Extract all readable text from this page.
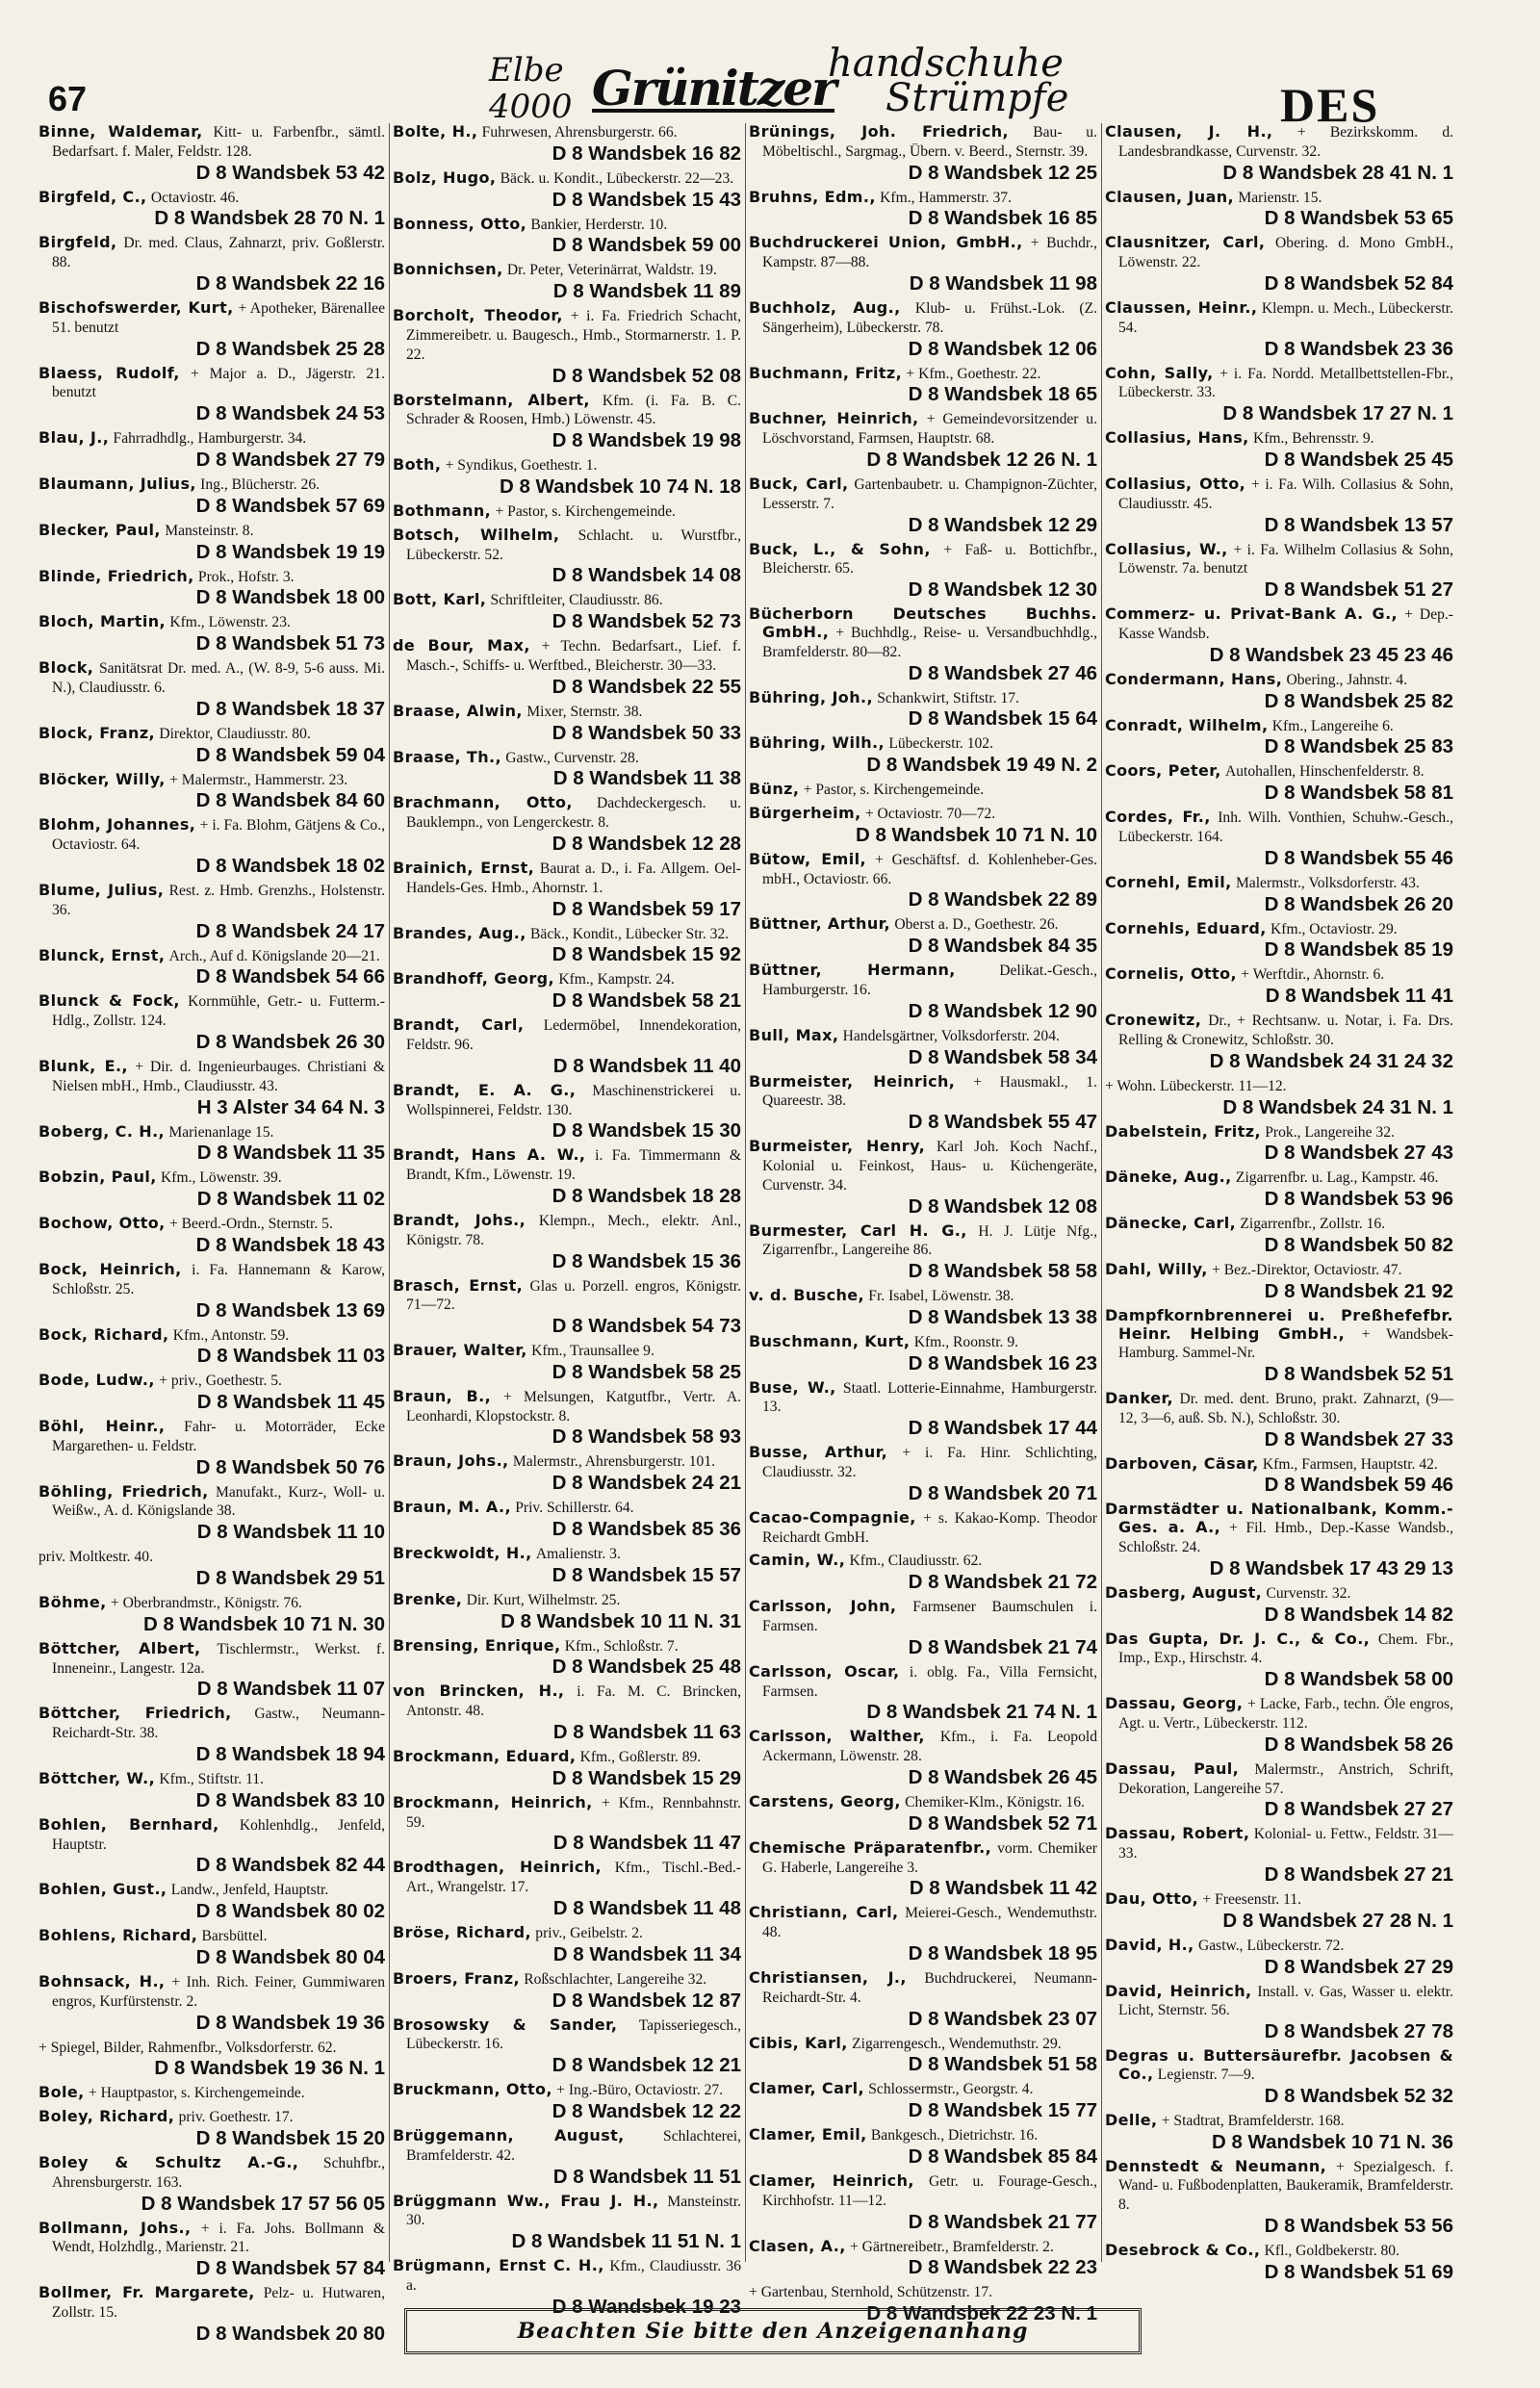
67
Elbe
4000 Grünitzer
handschuhe
Strümpfe	DES
Binne, Waldemar, Kitt- u. Farbenfbr., sämtl. Bedarfsart. f. Maler, Feldstr. 128.
D 8 Wandsbek 53 42
Birgfeld, C., Octaviostr. 46.
D 8 Wandsbek 28 70 N. 1
Birgfeld, Dr. med. Claus, Zahnarzt, priv. Goßlerstr. 88.
D 8 Wandsbek 22 16
Bischofswerder, Kurt, + Apotheker, Bärenallee 51. benutzt
D 8 Wandsbek 25 28
Blaess, Rudolf, + Major a. D., Jägerstr. 21. benutzt
D 8 Wandsbek 24 53
Blau, J., Fahrradhdlg., Hamburgerstr. 34.
D 8 Wandsbek 27 79
Blaumann, Julius, Ing., Blücherstr. 26.
D 8 Wandsbek 57 69
Blecker, Paul, Mansteinstr. 8.
D 8 Wandsbek 19 19
Blinde, Friedrich, Prok., Hofstr. 3.
D 8 Wandsbek 18 00
Bloch, Martin, Kfm., Löwenstr. 23.
D 8 Wandsbek 51 73
Block, Sanitätsrat Dr. med. A., (W. 8-9, 5-6 auss. Mi. N.), Claudiusstr. 6.
D 8 Wandsbek 18 37
Block, Franz, Direktor, Claudiusstr. 80.
D 8 Wandsbek 59 04
Blöcker, Willy, + Malermstr., Hammerstr. 23.
D 8 Wandsbek 84 60
Blohm, Johannes, + i. Fa. Blohm, Gätjens & Co., Octaviostr. 64.
D 8 Wandsbek 18 02
Blume, Julius, Rest. z. Hmb. Grenzhs., Holstenstr. 36.
D 8 Wandsbek 24 17
Blunck, Ernst, Arch., Auf d. Königslande 20—21.
D 8 Wandsbek 54 66
Blunck & Fock, Kornmühle, Getr.- u. Futterm.-Hdlg., Zollstr. 124.
D 8 Wandsbek 26 30
Blunk, E., + Dir. d. Ingenieurbauges. Christiani & Nielsen mbH., Hmb., Claudiusstr. 43.
H 3 Alster 34 64 N. 3
Boberg, C. H., Marienanlage 15.
D 8 Wandsbek 11 35
Bobzin, Paul, Kfm., Löwenstr. 39.
D 8 Wandsbek 11 02
Bochow, Otto, + Beerd.-Ordn., Sternstr. 5.
D 8 Wandsbek 18 43
Bock, Heinrich, i. Fa. Hannemann & Karow, Schloßstr. 25.
D 8 Wandsbek 13 69
Bock, Richard, Kfm., Antonstr. 59.
D 8 Wandsbek 11 03
Bode, Ludw., + priv., Goethestr. 5.
D 8 Wandsbek 11 45
Böhl, Heinr., Fahr- u. Motorräder, Ecke Margarethen- u. Feldstr.
D 8 Wandsbek 50 76
Böhling, Friedrich, Manufakt., Kurz-, Woll- u. Weißw., A. d. Königslande 38.
D 8 Wandsbek 11 10
priv. Moltkestr. 40.
D 8 Wandsbek 29 51
Böhme, + Oberbrandmstr., Königstr. 76.
D 8 Wandsbek 10 71 N. 30
Böttcher, Albert, Tischlermstr., Werkst. f. Inneneinr., Langestr. 12a.
D 8 Wandsbek 11 07
Böttcher, Friedrich, Gastw., Neumann-Reichardt-Str. 38.
D 8 Wandsbek 18 94
Böttcher, W., Kfm., Stiftstr. 11.
D 8 Wandsbek 83 10
Bohlen, Bernhard, Kohlenhdlg., Jenfeld, Hauptstr.
D 8 Wandsbek 82 44
Bohlen, Gust., Landw., Jenfeld, Hauptstr.
D 8 Wandsbek 80 02
Bohlens, Richard, Barsbüttel.
D 8 Wandsbek 80 04
Bohnsack, H., + Inh. Rich. Feiner, Gummiwaren engros, Kurfürstenstr. 2.
D 8 Wandsbek 19 36
+ Spiegel, Bilder, Rahmenfbr., Volksdorferstr. 62.
D 8 Wandsbek 19 36 N. 1
Bole, + Hauptpastor, s. Kirchengemeinde.
Boley, Richard, priv. Goethestr. 17.
D 8 Wandsbek 15 20
Boley & Schultz A.-G., Schuhfbr., Ahrensburgerstr. 163.
D 8 Wandsbek 17 57 56 05
Bollmann, Johs., + i. Fa. Johs. Bollmann & Wendt, Holzhdlg., Marienstr. 21.
D 8 Wandsbek 57 84
Bollmer, Fr. Margarete, Pelz- u. Hutwaren, Zollstr. 15.
D 8 Wandsbek 20 80
Bolte, H., Fuhrwesen, Ahrensburgerstr. 66.
D 8 Wandsbek 16 82
Bolz, Hugo, Bäck. u. Kondit., Lübeckerstr. 22—23.
D 8 Wandsbek 15 43
Bonness, Otto, Bankier, Herderstr. 10.
D 8 Wandsbek 59 00
Bonnichsen, Dr. Peter, Veterinärrat, Waldstr. 19.
D 8 Wandsbek 11 89
Borcholt, Theodor, + i. Fa. Friedrich Schacht, Zimmereibetr. u. Baugesch., Hmb., Stormarnerstr. 1. P. 22.
D 8 Wandsbek 52 08
Borstelmann, Albert, Kfm. (i. Fa. B. C. Schrader & Roosen, Hmb.) Löwenstr. 45.
D 8 Wandsbek 19 98
Both, + Syndikus, Goethestr. 1.
D 8 Wandsbek 10 74 N. 18
Bothmann, + Pastor, s. Kirchengemeinde.
Botsch, Wilhelm, Schlacht. u. Wurstfbr., Lübeckerstr. 52.
D 8 Wandsbek 14 08
Bott, Karl, Schriftleiter, Claudiusstr. 86.
D 8 Wandsbek 52 73
de Bour, Max, + Techn. Bedarfsart., Lief. f. Masch.-, Schiffs- u. Werftbed., Bleicherstr. 30—33.
D 8 Wandsbek 22 55
Braase, Alwin, Mixer, Sternstr. 38.
D 8 Wandsbek 50 33
Braase, Th., Gastw., Curvenstr. 28.
D 8 Wandsbek 11 38
Brachmann, Otto, Dachdeckergesch. u. Bauklempn., von Lengerckestr. 8.
D 8 Wandsbek 12 28
Brainich, Ernst, Baurat a. D., i. Fa. Allgem. Oel-Handels-Ges. Hmb., Ahornstr. 1.
D 8 Wandsbek 59 17
Brandes, Aug., Bäck., Kondit., Lübecker Str. 32.
D 8 Wandsbek 15 92
Brandhoff, Georg, Kfm., Kampstr. 24.
D 8 Wandsbek 58 21
Brandt, Carl, Ledermöbel, Innendekoration, Feldstr. 96.
D 8 Wandsbek 11 40
Brandt, E. A. G., Maschinenstrickerei u. Wollspinnerei, Feldstr. 130.
D 8 Wandsbek 15 30
Brandt, Hans A. W., i. Fa. Timmermann & Brandt, Kfm., Löwenstr. 19.
D 8 Wandsbek 18 28
Brandt, Johs., Klempn., Mech., elektr. Anl., Königstr. 78.
D 8 Wandsbek 15 36
Brasch, Ernst, Glas u. Porzell. engros, Königstr. 71—72.
D 8 Wandsbek 54 73
Brauer, Walter, Kfm., Traunsallee 9.
D 8 Wandsbek 58 25
Braun, B., + Melsungen, Katgutfbr., Vertr. A. Leonhardi, Klopstockstr. 8.
D 8 Wandsbek 58 93
Braun, Johs., Malermstr., Ahrensburgerstr. 101.
D 8 Wandsbek 24 21
Braun, M. A., Priv. Schillerstr. 64.
D 8 Wandsbek 85 36
Breckwoldt, H., Amalienstr. 3.
D 8 Wandsbek 15 57
Brenke, Dir. Kurt, Wilhelmstr. 25.
D 8 Wandsbek 10 11 N. 31
Brensing, Enrique, Kfm., Schloßstr. 7.
D 8 Wandsbek 25 48
von Brincken, H., i. Fa. M. C. Brincken, Antonstr. 48.
D 8 Wandsbek 11 63
Brockmann, Eduard, Kfm., Goßlerstr. 89.
D 8 Wandsbek 15 29
Brockmann, Heinrich, + Kfm., Rennbahnstr. 59.
D 8 Wandsbek 11 47
Brodthagen, Heinrich, Kfm., Tischl.-Bed.-Art., Wrangelstr. 17.
D 8 Wandsbek 11 48
Bröse, Richard, priv., Geibelstr. 2.
D 8 Wandsbek 11 34
Broers, Franz, Roßschlachter, Langereihe 32.
D 8 Wandsbek 12 87
Brosowsky & Sander, Tapisseriegesch., Lübeckerstr. 16.
D 8 Wandsbek 12 21
Bruckmann, Otto, + Ing.-Büro, Octaviostr. 27.
D 8 Wandsbek 12 22
Brüggemann, August,	Schlachterei, Bramfelderstr. 42.
D 8 Wandsbek 11 51
Brüggmann Ww., Frau J. H., Mansteinstr. 30.
D 8 Wandsbek 11 51 N. 1
Brügmann, Ernst C. H., Kfm., Claudiusstr. 36 a.
D 8 Wandsbek 19 23
Brünings, Joh. Friedrich, Bau- u. Möbeltischl., Sargmag., Übern. v. Beerd., Sternstr. 39.
D 8 Wandsbek 12 25
Bruhns, Edm., Kfm., Hammerstr. 37.
D 8 Wandsbek 16 85
Buchdruckerei Union, GmbH., + Buchdr., Kampstr. 87—88.
D 8 Wandsbek 11 98
Buchholz, Aug., Klub- u. Frühst.-Lok. (Z. Sängerheim), Lübeckerstr. 78.
D 8 Wandsbek 12 06
Buchmann, Fritz, + Kfm., Goethestr. 22.
D 8 Wandsbek 18 65
Buchner, Heinrich, + Gemeindevorsitzender u. Löschvorstand, Farmsen, Hauptstr. 68.
D 8 Wandsbek 12 26 N. 1
Buck, Carl, Gartenbaubetr. u. Champignon-Züchter, Lesserstr. 7.
D 8 Wandsbek 12 29
Buck, L., & Sohn, + Faß- u. Bottichfbr., Bleicherstr. 65.
D 8 Wandsbek 12 30
Bücherborn Deutsches Buchhs. GmbH., + Buchhdlg., Reise- u. Versandbuchhdlg., Bramfelderstr. 80—82.
D 8 Wandsbek 27 46
Bühring, Joh., Schankwirt, Stiftstr. 17.
D 8 Wandsbek 15 64
Bühring, Wilh., Lübeckerstr. 102.
D 8 Wandsbek 19 49 N. 2
Bünz, + Pastor, s. Kirchengemeinde.
Bürgerheim, + Octaviostr. 70—72.
D 8 Wandsbek 10 71 N. 10
Bütow, Emil, + Geschäftsf. d. Kohlenheber-Ges. mbH., Octaviostr. 66.
D 8 Wandsbek 22 89
Büttner, Arthur, Oberst a. D., Goethestr. 26.
D 8 Wandsbek 84 35
Büttner, Hermann,	Delikat.-Gesch., Hamburgerstr. 16.
D 8 Wandsbek 12 90
Bull, Max, Handelsgärtner, Volksdorferstr. 204.
D 8 Wandsbek 58 34
Burmeister, Heinrich, + Hausmakl., 1. Quareestr. 38.
D 8 Wandsbek 55 47
Burmeister, Henry, Karl Joh. Koch Nachf., Kolonial u. Feinkost, Haus- u. Küchengeräte, Curvenstr. 34.
D 8 Wandsbek 12 08
Burmester, Carl H. G., H. J. Lütje Nfg., Zigarrenfbr., Langereihe 86.
D 8 Wandsbek 58 58
v. d. Busche, Fr. Isabel, Löwenstr. 38.
D 8 Wandsbek 13 38
Buschmann, Kurt, Kfm., Roonstr. 9.
D 8 Wandsbek 16 23
Buse, W., Staatl. Lotterie-Einnahme, Hamburgerstr. 13.
D 8 Wandsbek 17 44
Busse, Arthur, + i. Fa. Hinr. Schlichting, Claudiusstr. 32.
D 8 Wandsbek 20 71
Cacao-Compagnie, + s. Kakao-Komp. Theodor Reichardt GmbH.
Camin, W., Kfm., Claudiusstr. 62.
D 8 Wandsbek 21 72
Carlsson, John, Farmsener Baumschulen i. Farmsen.
D 8 Wandsbek 21 74
Carlsson, Oscar, i. oblg. Fa., Villa Fernsicht, Farmsen.
D 8 Wandsbek 21 74 N. 1
Carlsson, Walther, Kfm., i. Fa. Leopold Ackermann, Löwenstr. 28.
D 8 Wandsbek 26 45
Carstens, Georg, Chemiker-Klm., Königstr. 16.
D 8 Wandsbek 52 71
Chemische Präparatenfbr., vorm. Chemiker G. Haberle, Langereihe 3.
D 8 Wandsbek 11 42
Christiann, Carl, Meierei-Gesch., Wendemuthstr. 48.
D 8 Wandsbek 18 95
Christiansen, J., Buchdruckerei, Neumann-Reichardt-Str. 4.
D 8 Wandsbek 23 07
Cibis, Karl, Zigarrengesch., Wendemuthstr. 29.
D 8 Wandsbek 51 58
Clamer, Carl, Schlossermstr., Georgstr. 4.
D 8 Wandsbek 15 77
Clamer, Emil, Bankgesch., Dietrichstr. 16.
D 8 Wandsbek 85 84
Clamer, Heinrich, Getr. u. Fourage-Gesch., Kirchhofstr. 11—12.
D 8 Wandsbek 21 77
Clasen, A., + Gärtnereibetr., Bramfelderstr. 2.
D 8 Wandsbek 22 23
+ Gartenbau, Sternhold, Schützenstr. 17.
D 8 Wandsbek 22 23 N. 1
Clausen, J. H., + Bezirkskomm. d. Landesbrandkasse, Curvenstr. 32.
D 8 Wandsbek 28 41 N. 1
Clausen, Juan, Marienstr. 15.
D 8 Wandsbek 53 65
Clausnitzer, Carl, Obering. d. Mono GmbH., Löwenstr. 22.
D 8 Wandsbek 52 84
Claussen, Heinr., Klempn. u. Mech., Lübeckerstr. 54.
D 8 Wandsbek 23 36
Cohn, Sally, + i. Fa. Nordd. Metallbettstellen-Fbr., Lübeckerstr. 33.
D 8 Wandsbek 17 27 N. 1
Collasius, Hans, Kfm., Behrensstr. 9.
D 8 Wandsbek 25 45
Collasius, Otto, + i. Fa. Wilh. Collasius & Sohn, Claudiusstr. 45.
D 8 Wandsbek 13 57
Collasius, W., + i. Fa. Wilhelm Collasius & Sohn, Löwenstr. 7a. benutzt
D 8 Wandsbek 51 27
Commerz- u. Privat-Bank A. G., + Dep.-Kasse Wandsb.
D 8 Wandsbek 23 45 23 46
Condermann, Hans, Obering., Jahnstr. 4.
D 8 Wandsbek 25 82
Conradt, Wilhelm, Kfm., Langereihe 6.
D 8 Wandsbek 25 83
Coors, Peter, Autohallen, Hinschenfelderstr. 8.
D 8 Wandsbek 58 81
Cordes, Fr., Inh. Wilh. Vonthien, Schuhw.-Gesch., Lübeckerstr. 164.
D 8 Wandsbek 55 46
Cornehl, Emil, Malermstr., Volksdorferstr. 43.
D 8 Wandsbek 26 20
Cornehls, Eduard, Kfm., Octaviostr. 29.
D 8 Wandsbek 85 19
Cornelis, Otto, + Werftdir., Ahornstr. 6.
D 8 Wandsbek 11 41
Cronewitz, Dr., + Rechtsanw. u. Notar, i. Fa. Drs. Relling & Cronewitz, Schloßstr. 30.
D 8 Wandsbek 24 31 24 32
+ Wohn. Lübeckerstr. 11—12.
D 8 Wandsbek 24 31 N. 1
Dabelstein, Fritz, Prok., Langereihe 32.
D 8 Wandsbek 27 43
Däneke, Aug., Zigarrenfbr. u. Lag., Kampstr. 46.
D 8 Wandsbek 53 96
Dänecke, Carl, Zigarrenfbr., Zollstr. 16.
D 8 Wandsbek 50 82
Dahl, Willy, + Bez.-Direktor, Octaviostr. 47.
D 8 Wandsbek 21 92
Dampfkornbrennerei u. Preßhefefbr. Heinr. Helbing GmbH., + Wandsbek-Hamburg. Sammel-Nr.
D 8 Wandsbek 52 51
Danker, Dr. med. dent. Bruno, prakt. Zahnarzt, (9—12, 3—6, auß. Sb. N.), Schloßstr. 30.
D 8 Wandsbek 27 33
Darboven, Cäsar, Kfm., Farmsen, Hauptstr. 42.
D 8 Wandsbek 59 46
Darmstädter u. Nationalbank, Komm.-Ges. a. A., + Fil. Hmb., Dep.-Kasse Wandsb., Schloßstr. 24.
D 8 Wandsbek 17 43 29 13
Dasberg, August, Curvenstr. 32.
D 8 Wandsbek 14 82
Das Gupta, Dr. J. C., & Co., Chem. Fbr., Imp., Exp., Hirschstr. 4.
D 8 Wandsbek 58 00
Dassau, Georg, + Lacke, Farb., techn. Öle engros, Agt. u. Vertr., Lübeckerstr. 112.
D 8 Wandsbek 58 26
Dassau, Paul, Malermstr., Anstrich, Schrift, Dekoration, Langereihe 57.
D 8 Wandsbek 27 27
Dassau, Robert, Kolonial- u. Fettw., Feldstr. 31—33.
D 8 Wandsbek 27 21
Dau, Otto, + Freesenstr. 11.
D 8 Wandsbek 27 28 N. 1
David, H., Gastw., Lübeckerstr. 72.
D 8 Wandsbek 27 29
David, Heinrich, Install. v. Gas, Wasser u. elektr. Licht, Sternstr. 56.
D 8 Wandsbek 27 78
Degras u. Buttersäurefbr. Jacobsen & Co., Legienstr. 7—9.
D 8 Wandsbek 52 32
Delle, + Stadtrat, Bramfelderstr. 168.
D 8 Wandsbek 10 71 N. 36
Dennstedt & Neumann, + Spezialgesch. f. Wand- u. Fußbodenplatten, Baukeramik, Bramfelderstr. 8.
D 8 Wandsbek 53 56
Desebrock & Co., Kfl., Goldbekerstr. 80.
D 8 Wandsbek 51 69
Beachten Sie bitte den Anzeigenanhang
